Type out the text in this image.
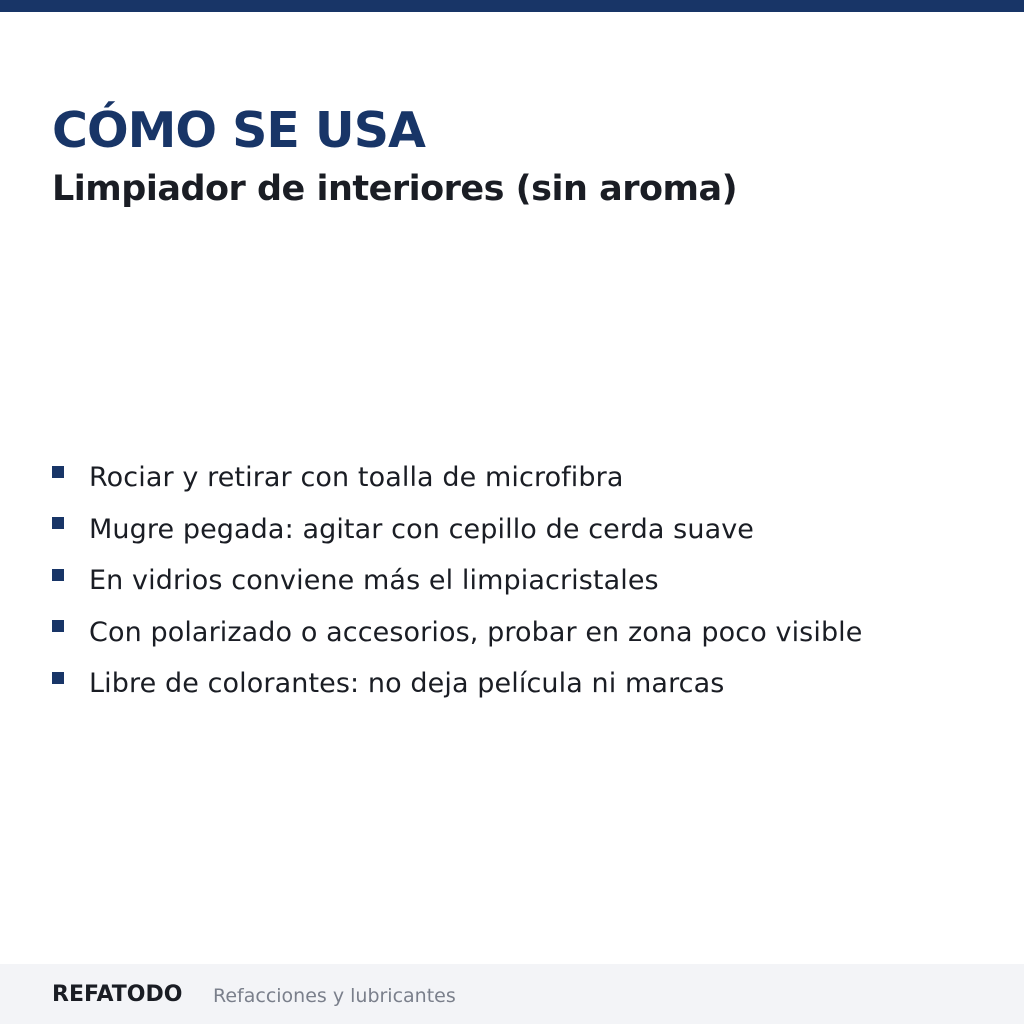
CÓMO SE USA
Limpiador de interiores (sin aroma)
Rociar y retirar con toalla de microfibra
Mugre pegada: agitar con cepillo de cerda suave
En vidrios conviene más el limpiacristales
Con polarizado o accesorios, probar en zona poco visible
Libre de colorantes: no deja película ni marcas
REFATODO Refacciones y lubricantes
